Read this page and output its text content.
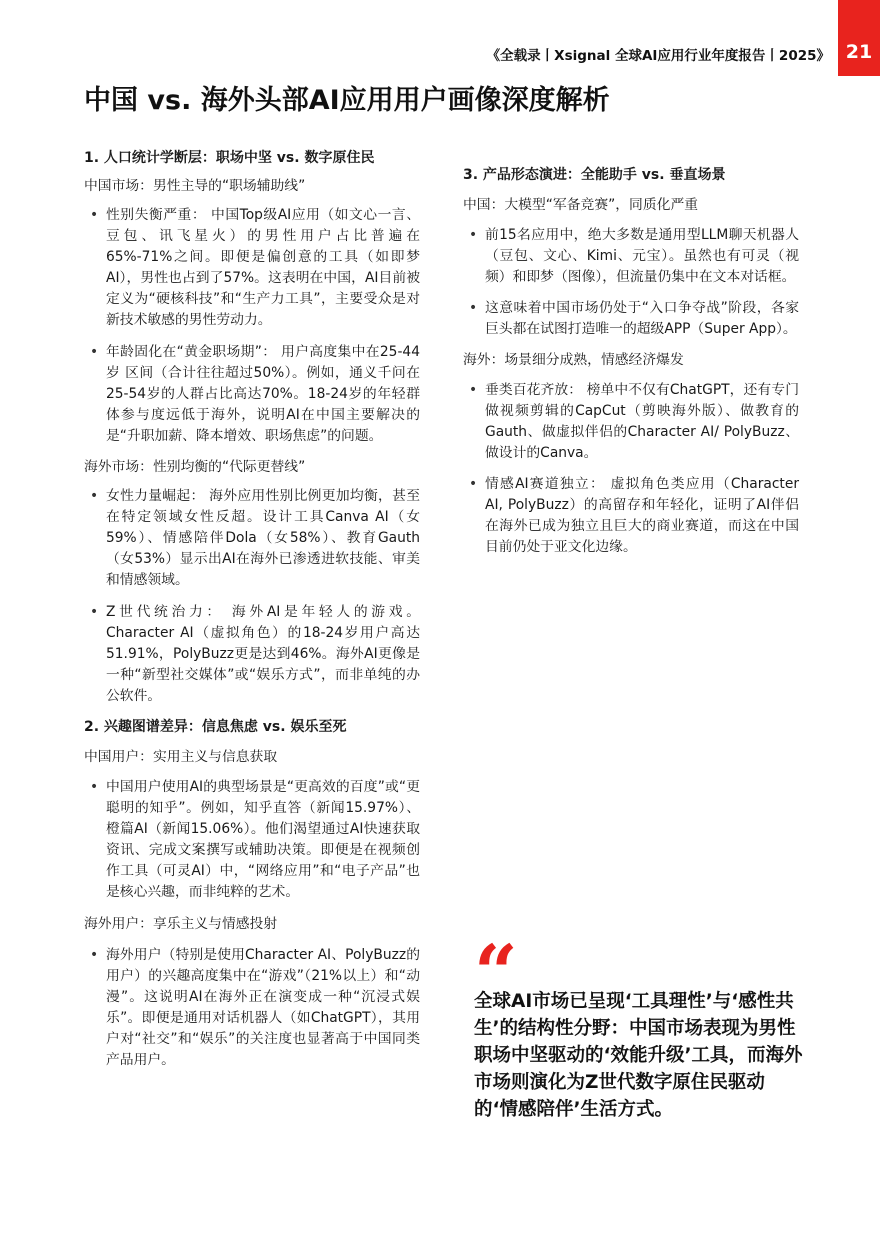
21
《全载录丨Xsignal 全球AI应用行业年度报告丨2025》
中国 vs. 海外头部AI应用用户画像深度解析
1. 人口统计学断层：职场中坚 vs. 数字原住民

中国市场：男性主导的“职场辅助线”

• 性别失衡严重： 中国Top级AI应用（如文心一言、豆包、讯飞星火）的男性用户占比普遍在65%-71%之间。即便是偏创意的工具（如即梦AI），男性也占到了57%。这表明在中国，AI目前被定义为“硬核科技”和“生产力工具”，主要受众是对新技术敏感的男性劳动力。
• 年龄固化在“黄金职场期”： 用户高度集中在25-44岁 区间（合计往往超过50%）。例如，通义千问在25-54岁的人群占比高达70%。18-24岁的年轻群体参与度远低于海外，说明AI在中国主要解决的是“升职加薪、降本增效、职场焦虑”的问题。

海外市场：性别均衡的“代际更替线”

• 女性力量崛起： 海外应用性别比例更加均衡，甚至在特定领域女性反超。设计工具Canva AI（女59%）、情感陪伴Dola（女58%）、教育Gauth（女53%）显示出AI在海外已渗透进软技能、审美和情感领域。
• Z世代统治力： 海外AI是年轻人的游戏。Character AI（虚拟角色）的18-24岁用户高达51.91%，PolyBuzz更是达到46%。海外AI更像是一种“新型社交媒体”或“娱乐方式”，而非单纯的办公软件。
2. 兴趣图谱差异：信息焦虑 vs. 娱乐至死

中国用户：实用主义与信息获取

• 中国用户使用AI的典型场景是“更高效的百度”或“更聪明的知乎”。例如，知乎直答（新闻15.97%）、橙篇AI（新闻15.06%）。他们渴望通过AI快速获取资讯、完成文案撰写或辅助决策。即便是在视频创作工具（可灵AI）中，“网络应用”和“电子产品”也是核心兴趣，而非纯粹的艺术。

海外用户：享乐主义与情感投射

• 海外用户（特别是使用Character AI、PolyBuzz的用户）的兴趣高度集中在“游戏”（21%以上）和“动漫”。这说明AI在海外正在演变成一种“沉浸式娱乐”。即便是通用对话机器人（如ChatGPT），其用户对“社交”和“娱乐”的关注度也显著高于中国同类产品用户。
3. 产品形态演进：全能助手 vs. 垂直场景

中国：大模型“军备竞赛”，同质化严重

• 前15名应用中，绝大多数是通用型LLM聊天机器人（豆包、文心、Kimi、元宝）。虽然也有可灵（视频）和即梦（图像），但流量仍集中在文本对话框。
• 这意味着中国市场仍处于“入口争夺战”阶段，各家巨头都在试图打造唯一的超级APP（Super App）。

海外：场景细分成熟，情感经济爆发

• 垂类百花齐放： 榜单中不仅有ChatGPT，还有专门做视频剪辑的CapCut（剪映海外版）、做教育的Gauth、做虚拟伴侣的Character AI/ PolyBuzz、做设计的Canva。
• 情感AI赛道独立： 虚拟角色类应用（Character AI, PolyBuzz）的高留存和年轻化，证明了AI伴侣在海外已成为独立且巨大的商业赛道，而这在中国目前仍处于亚文化边缘。
“

全球AI市场已呈现‘工具理性’与‘感性共生’的结构性分野：中国市场表现为男性职场中坚驱动的‘效能升级’工具，而海外市场则演化为Z世代数字原住民驱动的‘情感陪伴’生活方式。
